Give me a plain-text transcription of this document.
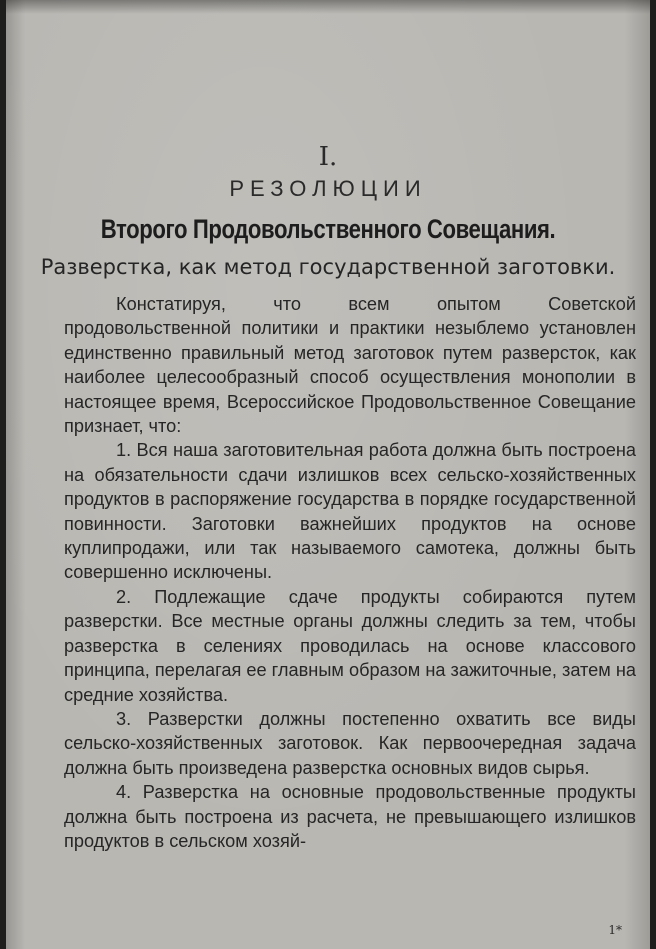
I.
РЕЗОЛЮЦИИ
Второго Продовольственного Совещания.
Разверстка, как метод государственной заготовки.

Констатируя, что всем опытом Советской продовольственной политики и практики незыблемо установлен единственно правильный метод заготовок путем разверсток, как наиболее целесообразный способ осуществления монополии в настоящее время, Всероссийское Продовольственное Совещание признает, что:

1. Вся наша заготовительная работа должна быть построена на обязательности сдачи излишков всех сельско-хозяйственных продуктов в распоряжение государства в порядке государственной повинности. Заготовки важнейших продуктов на основе куплипродажи, или так называемого самотека, должны быть совершенно исключены.

2. Подлежащие сдаче продукты собираются путем разверстки. Все местные органы должны следить за тем, чтобы разверстка в селениях проводилась на основе классового принципа, перелагая ее главным образом на зажиточные, затем на средние хозяйства.

3. Разверстки должны постепенно охватить все виды сельско-хозяйственных заготовок. Как первоочередная задача должна быть произведена разверстка основных видов сырья.

4. Разверстка на основные продовольственные продукты должна быть построена из расчета, не превышающего излишков продуктов в сельском хозяй-

1*
